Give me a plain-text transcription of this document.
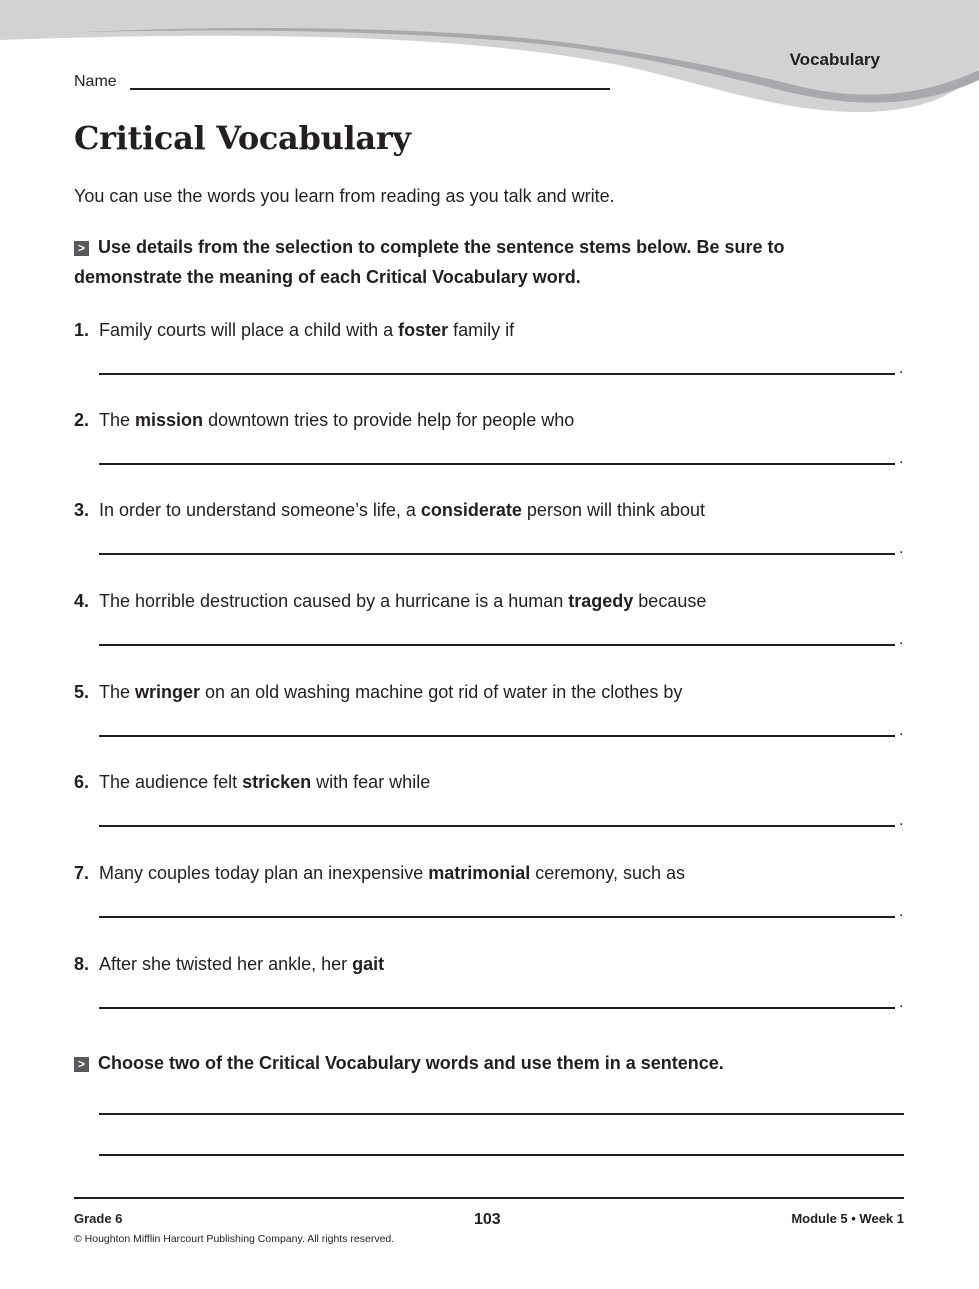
Vocabulary
Name
Critical Vocabulary
You can use the words you learn from reading as you talk and write.
> Use details from the selection to complete the sentence stems below. Be sure to demonstrate the meaning of each Critical Vocabulary word.
1. Family courts will place a child with a foster family if
.
2. The mission downtown tries to provide help for people who
.
3. In order to understand someone’s life, a considerate person will think about
.
4. The horrible destruction caused by a hurricane is a human tragedy because
.
5. The wringer on an old washing machine got rid of water in the clothes by
.
6. The audience felt stricken with fear while
.
7. Many couples today plan an inexpensive matrimonial ceremony, such as
.
8. After she twisted her ankle, her gait
.
> Choose two of the Critical Vocabulary words and use them in a sentence.
Grade 6	103	Module 5 • Week 1
© Houghton Mifflin Harcourt Publishing Company. All rights reserved.
